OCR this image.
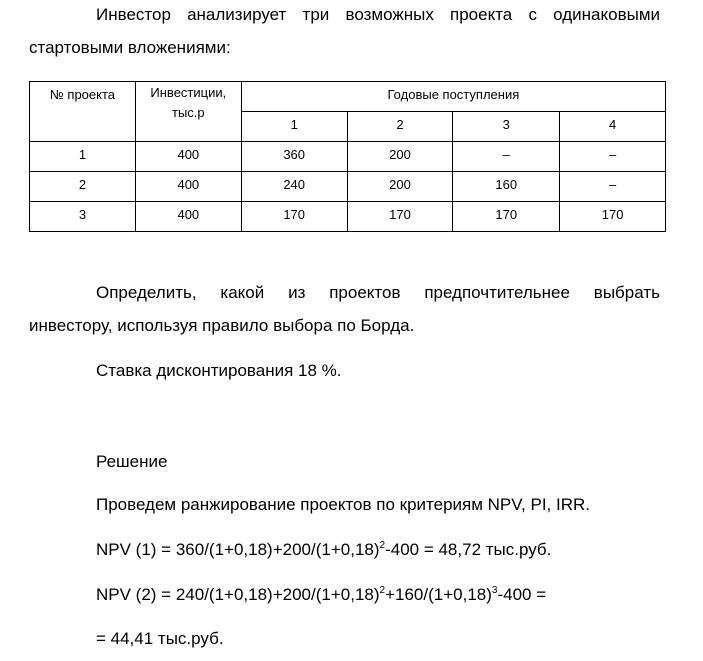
Инвестор анализирует три возможных проекта с одинаковыми
стартовыми вложениями:
№ проекта	Инвестиции, тыс.р	Годовые поступления			
		1	2	3	4
1	400	360	200	–	–
2	400	240	200	160	–
3	400	170	170	170	170
Определить, какой из проектов предпочтительнее выбрать
инвестору, используя правило выбора по Борда.
Ставка дисконтирования 18 %.
Решение
Проведем ранжирование проектов по критериям NPV, PI, IRR.
NPV $(1) = 360/(1+0,18)+200/(1+0,18)^2-400 = 48,72$ тыс.руб.
NPV $(2) = 240/(1+0,18)+200/(1+0,18)^2+160/(1+0,18)^3-400$ =
= 44,41 тыс.руб.
